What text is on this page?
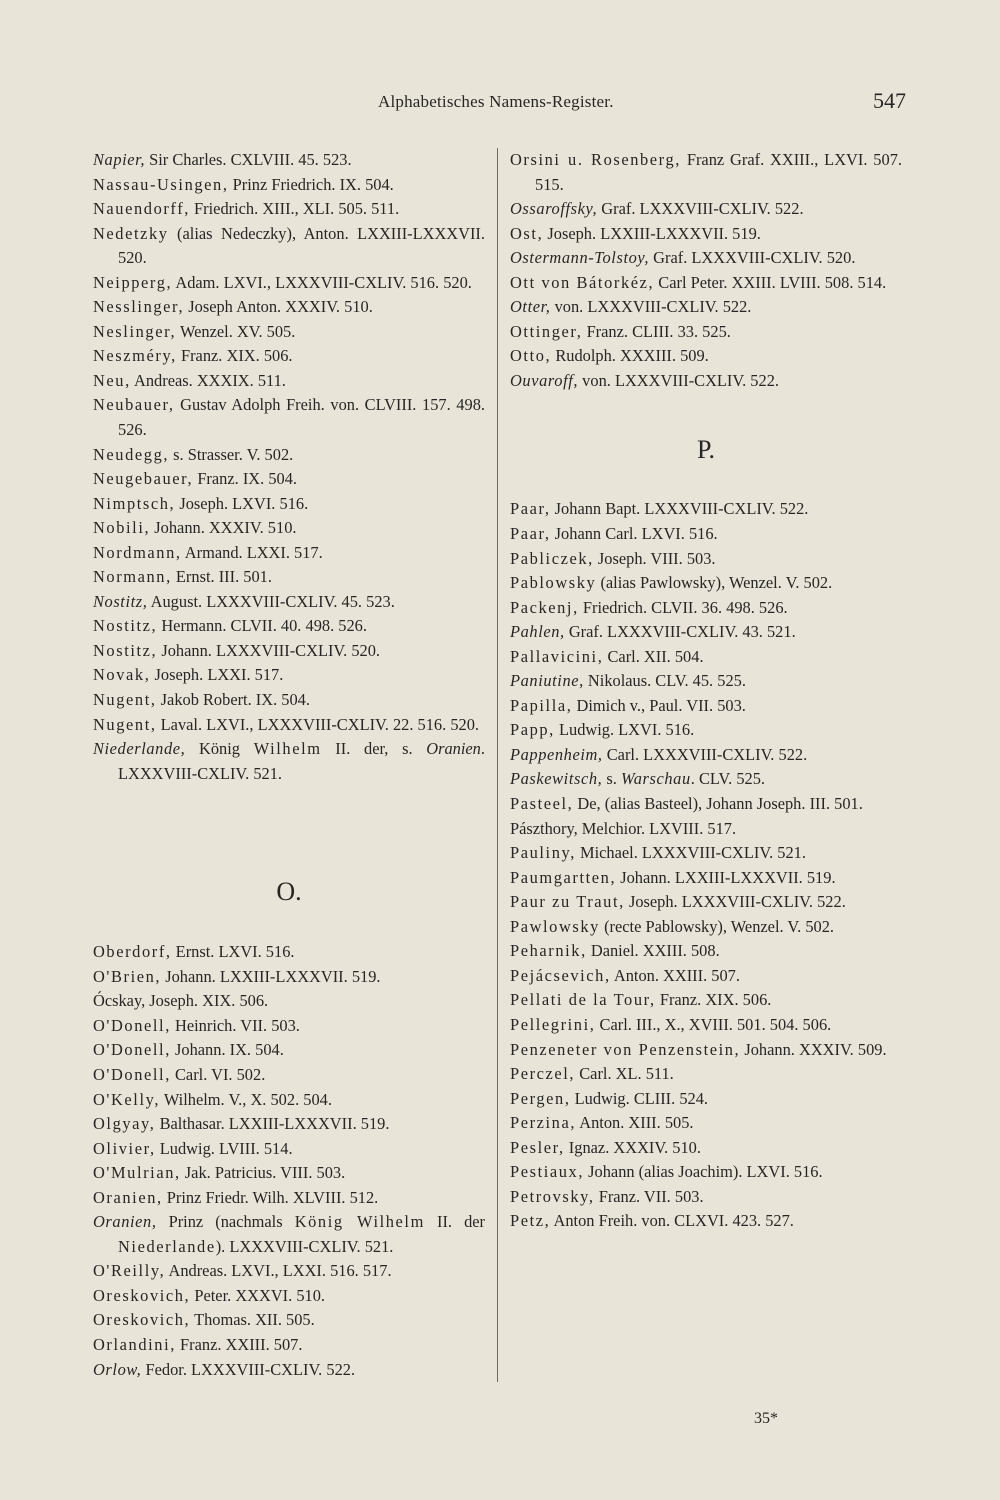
Alphabetisches Namens-Register.	547
Napier, Sir Charles. CXLVIII. 45. 523.
Nassau-Usingen, Prinz Friedrich. IX. 504.
Nauendorff, Friedrich. XIII., XLI. 505. 511.
Nedetzky (alias Nedeczky), Anton. LXXIII-LXXXVII. 520.
Neipperg, Adam. LXVI., LXXXVIII-CXLIV. 516. 520.
Nesslinger, Joseph Anton. XXXIV. 510.
Neslinger, Wenzel. XV. 505.
Neszméry, Franz. XIX. 506.
Neu, Andreas. XXXIX. 511.
Neubauer, Gustav Adolph Freih. von. CLVIII. 157. 498. 526.
Neudegg, s. Strasser. V. 502.
Neugebauer, Franz. IX. 504.
Nimptsch, Joseph. LXVI. 516.
Nobili, Johann. XXXIV. 510.
Nordmann, Armand. LXXI. 517.
Normann, Ernst. III. 501.
Nostitz, August. LXXXVIII-CXLIV. 45. 523.
Nostitz, Hermann. CLVII. 40. 498. 526.
Nostitz, Johann. LXXXVIII-CXLIV. 520.
Novak, Joseph. LXXI. 517.
Nugent, Jakob Robert. IX. 504.
Nugent, Laval. LXVI., LXXXVIII-CXLIV. 22. 516. 520.
Niederlande, König Wilhelm II. der, s. Oranien. LXXXVIII-CXLIV. 521.
O.
Oberdorf, Ernst. LXVI. 516.
O'Brien, Johann. LXXIII-LXXXVII. 519.
Ócskay, Joseph. XIX. 506.
O'Donell, Heinrich. VII. 503.
O'Donell, Johann. IX. 504.
O'Donell, Carl. VI. 502.
O'Kelly, Wilhelm. V., X. 502. 504.
Olgyay, Balthasar. LXXIII-LXXXVII. 519.
Olivier, Ludwig. LVIII. 514.
O'Mulrian, Jak. Patricius. VIII. 503.
Oranien, Prinz Friedr. Wilh. XLVIII. 512.
Oranien, Prinz (nachmals König Wilhelm II. der Niederlande). LXXXVIII-CXLIV. 521.
O'Reilly, Andreas. LXVI., LXXI. 516. 517.
Oreskovich, Peter. XXXVI. 510.
Oreskovich, Thomas. XII. 505.
Orlandini, Franz. XXIII. 507.
Orlow, Fedor. LXXXVIII-CXLIV. 522.
Orsini u. Rosenberg, Franz Graf. XXIII., LXVI. 507. 515.
Ossaroffsky, Graf. LXXXVIII-CXLIV. 522.
Ost, Joseph. LXXIII-LXXXVII. 519.
Ostermann-Tolstoy, Graf. LXXXVIII-CXLIV. 520.
Ott von Bátorkéz, Carl Peter. XXIII. LVIII. 508. 514.
Otter, von. LXXXVIII-CXLIV. 522.
Ottinger, Franz. CLIII. 33. 525.
Otto, Rudolph. XXXIII. 509.
Ouvaroff, von. LXXXVIII-CXLIV. 522.
P.
Paar, Johann Bapt. LXXXVIII-CXLIV. 522.
Paar, Johann Carl. LXVI. 516.
Pabliczek, Joseph. VIII. 503.
Pablowsky (alias Pawlowsky), Wenzel. V. 502.
Packenj, Friedrich. CLVII. 36. 498. 526.
Pahlen, Graf. LXXXVIII-CXLIV. 43. 521.
Pallavicini, Carl. XII. 504.
Paniutine, Nikolaus. CLV. 45. 525.
Papilla, Dimich v., Paul. VII. 503.
Papp, Ludwig. LXVI. 516.
Pappenheim, Carl. LXXXVIII-CXLIV. 522.
Paskewitsch, s. Warschau. CLV. 525.
Pasteel, De, (alias Basteel), Johann Joseph. III. 501.
Pászthory, Melchior. LXVIII. 517.
Pauliny, Michael. LXXXVIII-CXLIV. 521.
Paumgartten, Johann. LXXIII-LXXXVII. 519.
Paur zu Traut, Joseph. LXXXVIII-CXLIV. 522.
Pawlowsky (recte Pablowsky), Wenzel. V. 502.
Peharnik, Daniel. XXIII. 508.
Pejácsevich, Anton. XXIII. 507.
Pellati de la Tour, Franz. XIX. 506.
Pellegrini, Carl. III., X., XVIII. 501. 504. 506.
Penzeneter von Penzenstein, Johann. XXXIV. 509.
Perczel, Carl. XL. 511.
Pergen, Ludwig. CLIII. 524.
Perzina, Anton. XIII. 505.
Pesler, Ignaz. XXXIV. 510.
Pestiaux, Johann (alias Joachim). LXVI. 516.
Petrovsky, Franz. VII. 503.
Petz, Anton Freih. von. CLXVI. 423. 527.
35*
